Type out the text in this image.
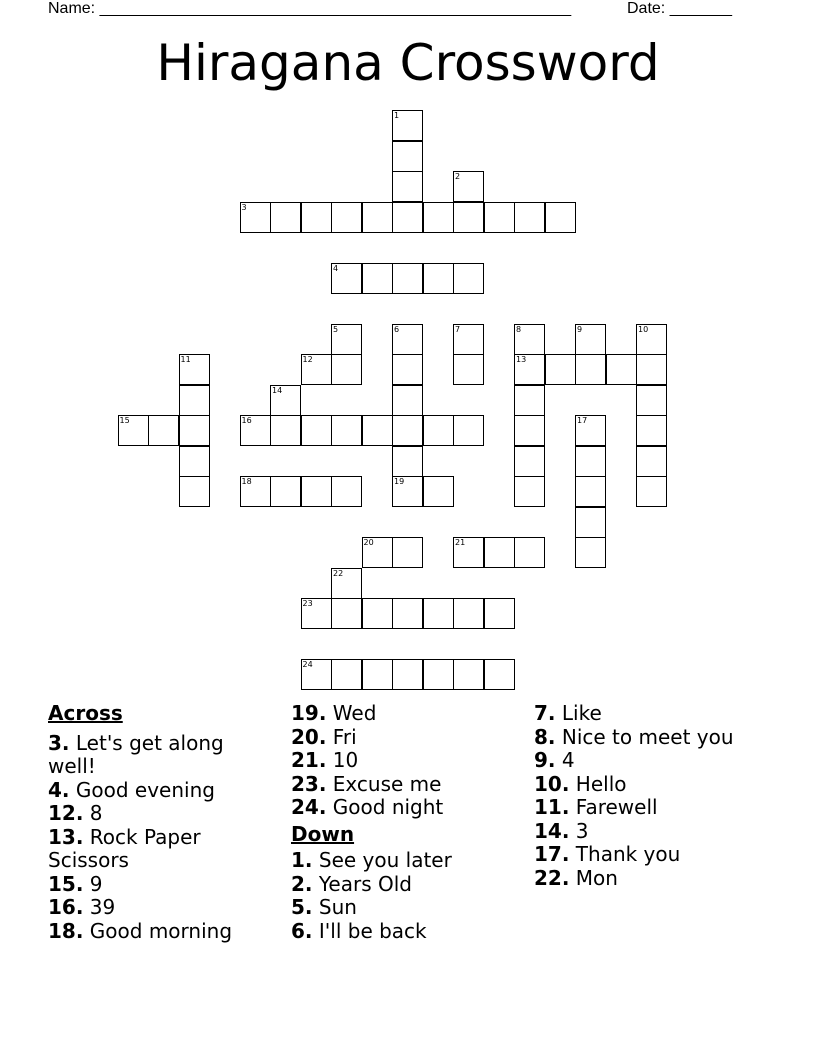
Name: _____________________________________________________	Date: _______
Hiragana Crossword
1
2
3
4
5	6
19
7	8
13
9	10
11	12
14
15	16	17
18
20	21
22
23
24

Across

3. Let's get along well!

4. Good evening

12. 8

13. Rock Paper Scissors

15. 9

16. 39

18. Good morning

19. Wed

20. Fri

21. 10

23. Excuse me

24. Good night

Down

1. See you later

2. Years Old

5. Sun

6. I'll be back

7. Like

8. Nice to meet you

9. 4

10. Hello

11. Farewell

14. 3

17. Thank you

22. Mon
